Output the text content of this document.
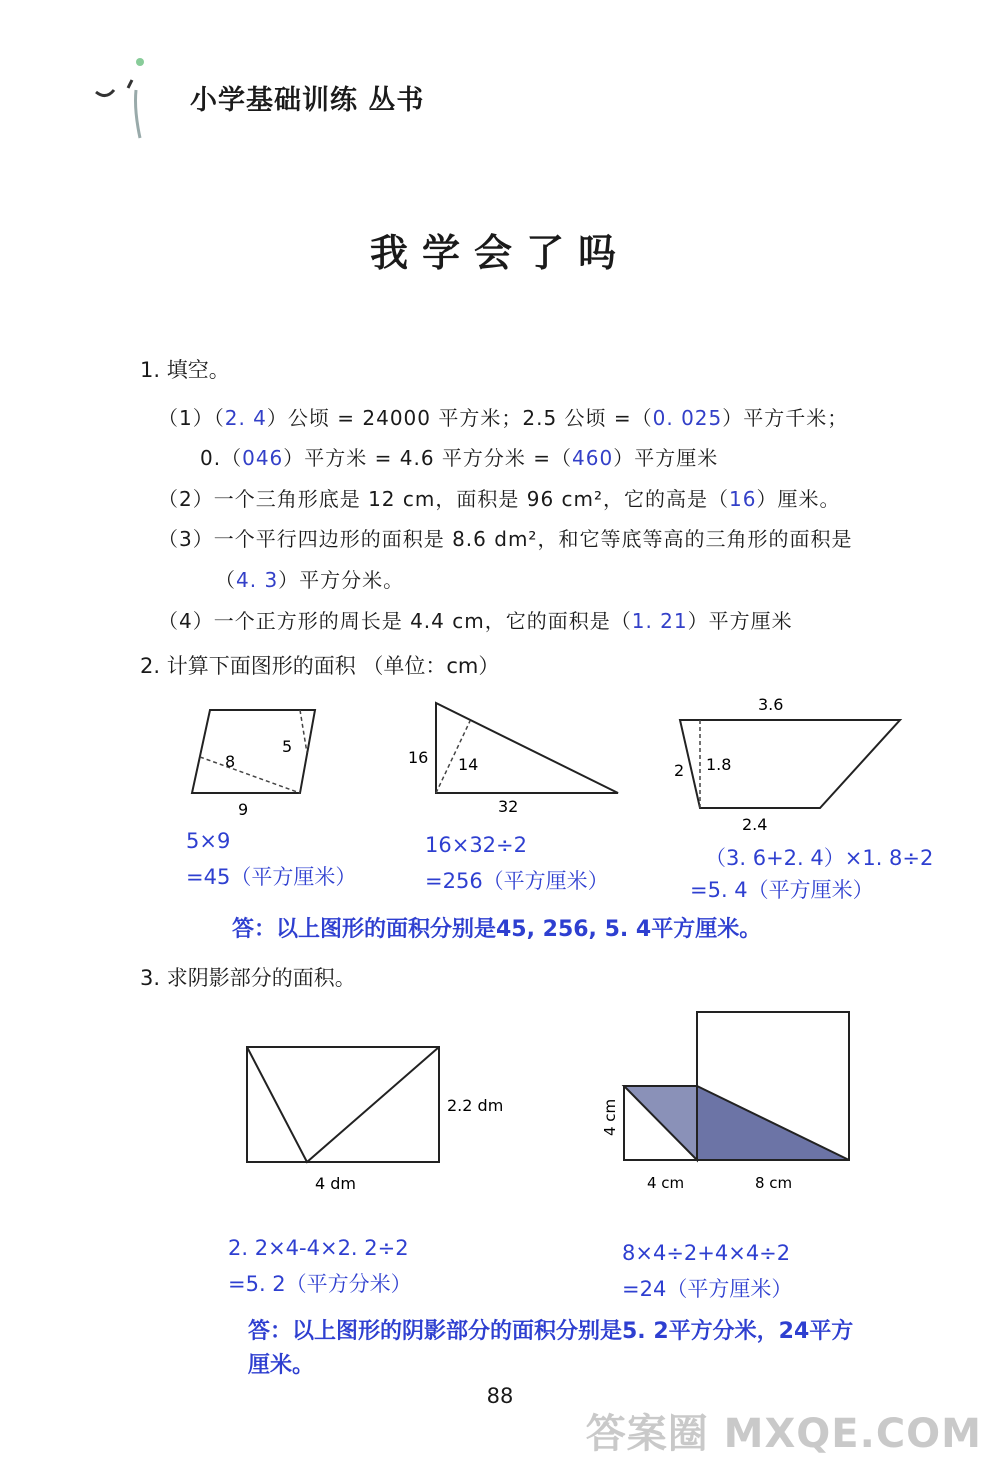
小学基础训练 丛书
我学会了吗
1. 填空。
（1）（2. 4）公顷 = 24000 平方米；2.5 公顷 =（0. 025）平方千米；
0.（046）平方米 = 4.6 平方分米 =（460）平方厘米
（2）一个三角形底是 12 cm，面积是 96 cm²，它的高是（16）厘米。
（3）一个平行四边形的面积是 8.6 dm²，和它等底等高的三角形的面积是
（4. 3）平方分米。
（4）一个正方形的周长是 4.4 cm，它的面积是（1. 21）平方厘米
2. 计算下面图形的面积 （单位：cm）
8
5
9
16 14
32
3.6
2 1.8
2.4
5×9
=45（平方厘米）
16×32÷2
=256（平方厘米）
（3. 6+2. 4）×1. 8÷2
=5. 4（平方厘米）
答：以上图形的面积分别是45, 256, 5. 4平方厘米。
3. 求阴影部分的面积。
2.2 dm
4 dm
4 cm
4 cm	8 cm
2. 2×4-4×2. 2÷2
=5. 2（平方分米）
8×4÷2+4×4÷2
=24（平方厘米）
答：以上图形的阴影部分的面积分别是5. 2平方分米，24平方
厘米。
88
答案圈 MXQE.COM
